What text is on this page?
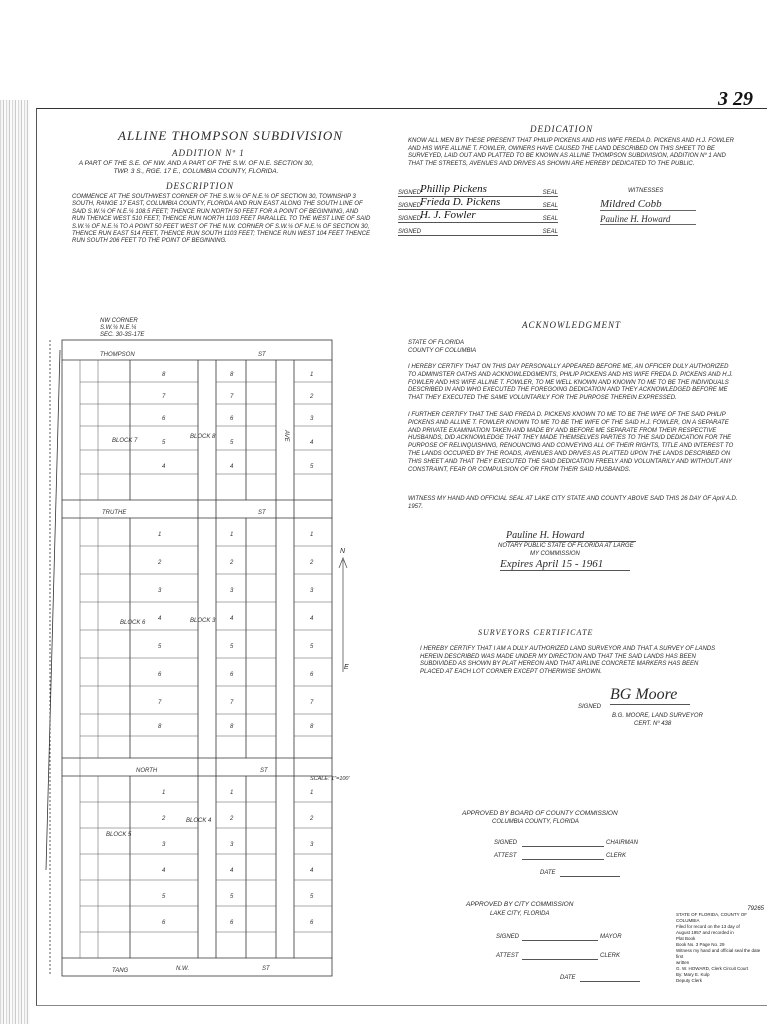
3 29
ALLINE THOMPSON SUBDIVISION
ADDITION Nº 1
A PART OF THE S.E. OF NW. AND A PART OF THE S.W. OF N.E. SECTION 30,
TWP. 3 S., RGE. 17 E., COLUMBIA COUNTY, FLORIDA.
DESCRIPTION
COMMENCE AT THE SOUTHWEST CORNER OF THE S.W.¼ OF N.E.¼ OF SECTION 30, TOWNSHIP 3 SOUTH, RANGE 17 EAST, COLUMBIA COUNTY, FLORIDA AND RUN EAST ALONG THE SOUTH LINE OF SAID S.W.¼ OF N.E.¼ 108.5 FEET; THENCE RUN NORTH 50 FEET FOR A POINT OF BEGINNING, AND RUN THENCE WEST 510 FEET; THENCE RUN NORTH 1103 FEET PARALLEL TO THE WEST LINE OF SAID S.W.¼ OF N.E.¼ TO A POINT 50 FEET WEST OF THE N.W. CORNER OF S.W.¼ OF N.E.¼ OF SECTION 30, THENCE RUN EAST 514 FEET, THENCE RUN SOUTH 1103 FEET; THENCE RUN WEST 104 FEET THENCE RUN SOUTH 206 FEET TO THE POINT OF BEGINNING.
SIGNED
Phillip Pickens	SEAL
SIGNED
Frieda D. Pickens	SEAL
SIGNED
H. J. Fowler	SEAL
SIGNED	SEAL
WITNESSES
Mildred Cobb
Pauline H. Howard
DEDICATION
KNOW ALL MEN BY THESE PRESENT THAT PHILIP PICKENS AND HIS WIFE FREDA D. PICKENS AND H.J. FOWLER AND HIS WIFE ALLINE T. FOWLER, OWNERS HAVE CAUSED THE LAND DESCRIBED ON THIS SHEET TO BE SURVEYED, LAID OUT AND PLATTED TO BE KNOWN AS ALLINE THOMPSON SUBDIVISION, ADDITION Nº 1 AND THAT THE STREETS, AVENUES AND DRIVES AS SHOWN ARE HEREBY DEDICATED TO THE PUBLIC.
ACKNOWLEDGMENT
STATE OF FLORIDA
COUNTY OF COLUMBIA
I HEREBY CERTIFY THAT ON THIS DAY PERSONALLY APPEARED BEFORE ME, AN OFFICER DULY AUTHORIZED TO ADMINISTER OATHS AND ACKNOWLEDGMENTS, PHILIP PICKENS AND HIS WIFE FREDA D. PICKENS AND H.J. FOWLER AND HIS WIFE ALLINE T. FOWLER, TO ME WELL KNOWN AND KNOWN TO ME TO BE THE INDIVIDUALS DESCRIBED IN AND WHO EXECUTED THE FOREGOING DEDICATION AND THEY ACKNOWLEDGED BEFORE ME THAT THEY EXECUTED THE SAME VOLUNTARILY FOR THE PURPOSE THEREIN EXPRESSED.
I FURTHER CERTIFY THAT THE SAID FREDA D. PICKENS KNOWN TO ME TO BE THE WIFE OF THE SAID PHILIP PICKENS AND ALLINE T. FOWLER KNOWN TO ME TO BE THE WIFE OF THE SAID H.J. FOWLER, ON A SEPARATE AND PRIVATE EXAMINATION TAKEN AND MADE BY AND BEFORE ME SEPARATE FROM THEIR RESPECTIVE HUSBANDS, DID ACKNOWLEDGE THAT THEY MADE THEMSELVES PARTIES TO THE SAID DEDICATION FOR THE PURPOSE OF RELINQUISHING, RENOUNCING AND CONVEYING ALL OF THEIR RIGHTS, TITLE AND INTEREST TO THE LANDS OCCUPIED BY THE ROADS, AVENUES AND DRIVES AS PLATTED UPON THE LANDS DESCRIBED ON THIS SHEET AND THAT THEY EXECUTED THE SAID DEDICATION FREELY AND VOLUNTARILY AND WITHOUT ANY CONSTRAINT, FEAR OR COMPULSION OF OR FROM THEIR SAID HUSBANDS.
WITNESS MY HAND AND OFFICIAL SEAL AT LAKE CITY STATE AND COUNTY ABOVE SAID THIS 26 DAY OF April A.D. 1957.
Pauline H. Howard
NOTARY PUBLIC STATE OF FLORIDA AT LARGE
MY COMMISSION
Expires April 15 - 1961
SURVEYORS CERTIFICATE
I HEREBY CERTIFY THAT I AM A DULY AUTHORIZED LAND SURVEYOR AND THAT A SURVEY OF LANDS HEREIN DESCRIBED WAS MADE UNDER MY DIRECTION AND THAT THE SAID LANDS HAS BEEN SUBDIVIDED AS SHOWN BY PLAT HEREON AND THAT AIRLINE CONCRETE MARKERS HAS BEEN PLACED AT EACH LOT CORNER EXCEPT OTHERWISE SHOWN.
SIGNED
BG Moore
B.G. MOORE, LAND SURVEYOR
CERT. Nº 438
APPROVED BY BOARD OF COUNTY COMMISSION
COLUMBIA COUNTY, FLORIDA
SIGNED	CHAIRMAN
ATTEST	CLERK
DATE
APPROVED BY CITY COMMISSION
LAKE CITY, FLORIDA
SIGNED	MAYOR
ATTEST	CLERK
DATE
79265
STATE OF FLORIDA, COUNTY OF COLUMBIA
Filed for record on the 13 day of
August 1957 and recorded in
Plat Book
Book No. 3 Page No. 29
Witness my hand and official seal the date first
written
G. W. HOWARD, Clerk Circuit Court
By: Mary E. Kulp
Deputy Clerk
NW CORNER
S.W.¼ N.E.¼
SEC. 30-3S-17E
THOMPSON	ST
TRUTHE	ST
NORTH	ST
TANG	N.W.	ST
BLOCK 7
BLOCK 8
BLOCK 6	BLOCK 3
BLOCK 5
BLOCK 4
AVE
8
7
6
5
4
8
7
6
5
4
1
2
3
4
5
1
2
3
4
5
6
7
8
1
2
3
4
5
6
7
8
1
2
3
4
5
6
7
8
1
2
3
4
5
6
1
2
3
4
5
6
1
2
3
4
5
6
SCALE: 1"=100'
N
E
